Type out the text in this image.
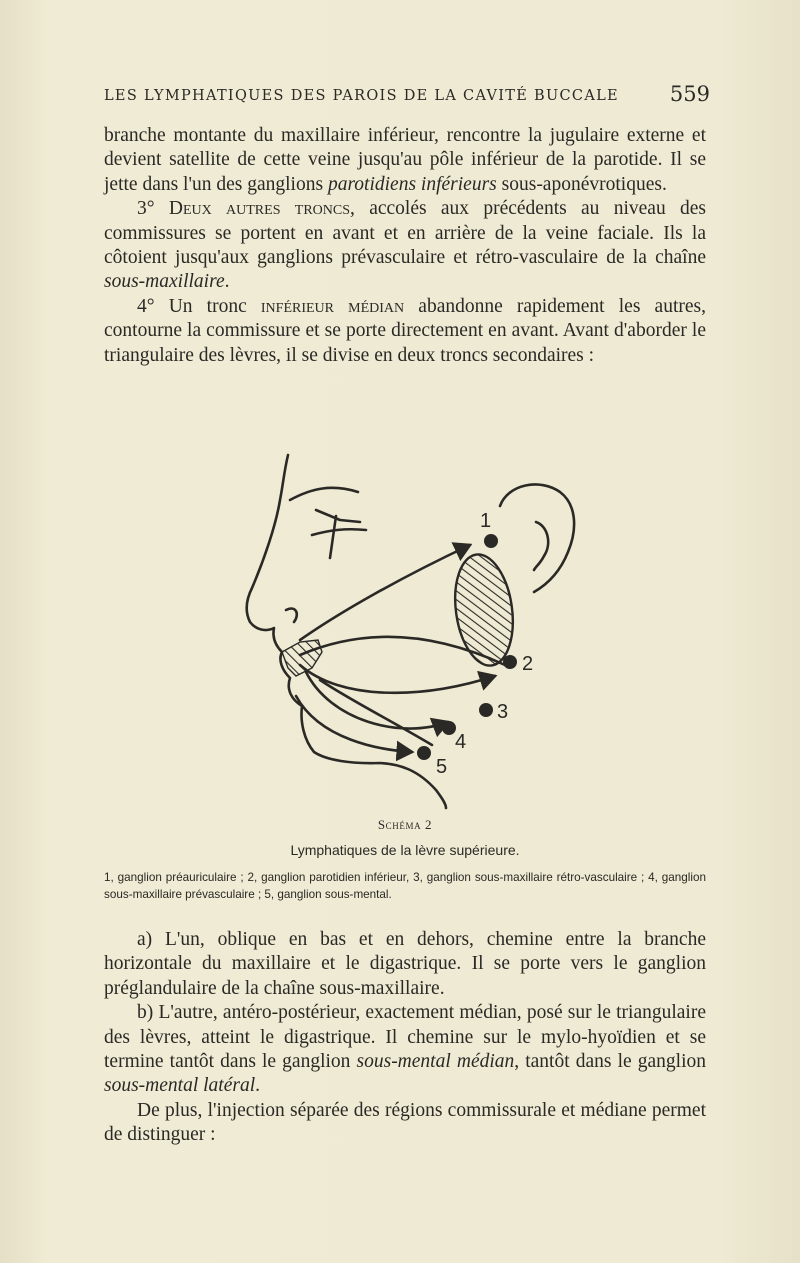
LES LYMPHATIQUES DES PAROIS DE LA CAVITÉ BUCCALE 559

branche montante du maxillaire inférieur, rencontre la jugulaire externe et devient satellite de cette veine jusqu'au pôle inférieur de la parotide. Il se jette dans l'un des ganglions parotidiens inférieurs sous-aponévrotiques.

3° Deux autres troncs, accolés aux précédents au niveau des commissures se portent en avant et en arrière de la veine faciale. Ils la côtoient jusqu'aux ganglions prévasculaire et rétro-vasculaire de la chaîne sous-maxillaire.

4° Un tronc inférieur médian abandonne rapidement les autres, contourne la commissure et se porte directement en avant. Avant d'aborder le triangulaire des lèvres, il se divise en deux troncs secondaires :

1
2
3
4
5
Schéma 2
Lymphatiques de la lèvre supérieure.
1, ganglion préauriculaire ; 2, ganglion parotidien inférieur, 3, ganglion sous-maxillaire rétro-vasculaire ; 4, ganglion sous-maxillaire prévasculaire ; 5, ganglion sous-mental.

a) L'un, oblique en bas et en dehors, chemine entre la branche horizontale du maxillaire et le digastrique. Il se porte vers le ganglion préglandulaire de la chaîne sous-maxillaire.

b) L'autre, antéro-postérieur, exactement médian, posé sur le triangulaire des lèvres, atteint le digastrique. Il chemine sur le mylo-hyoïdien et se termine tantôt dans le ganglion sous-mental médian, tantôt dans le ganglion sous-mental latéral.

De plus, l'injection séparée des régions commissurale et médiane permet de distinguer :
